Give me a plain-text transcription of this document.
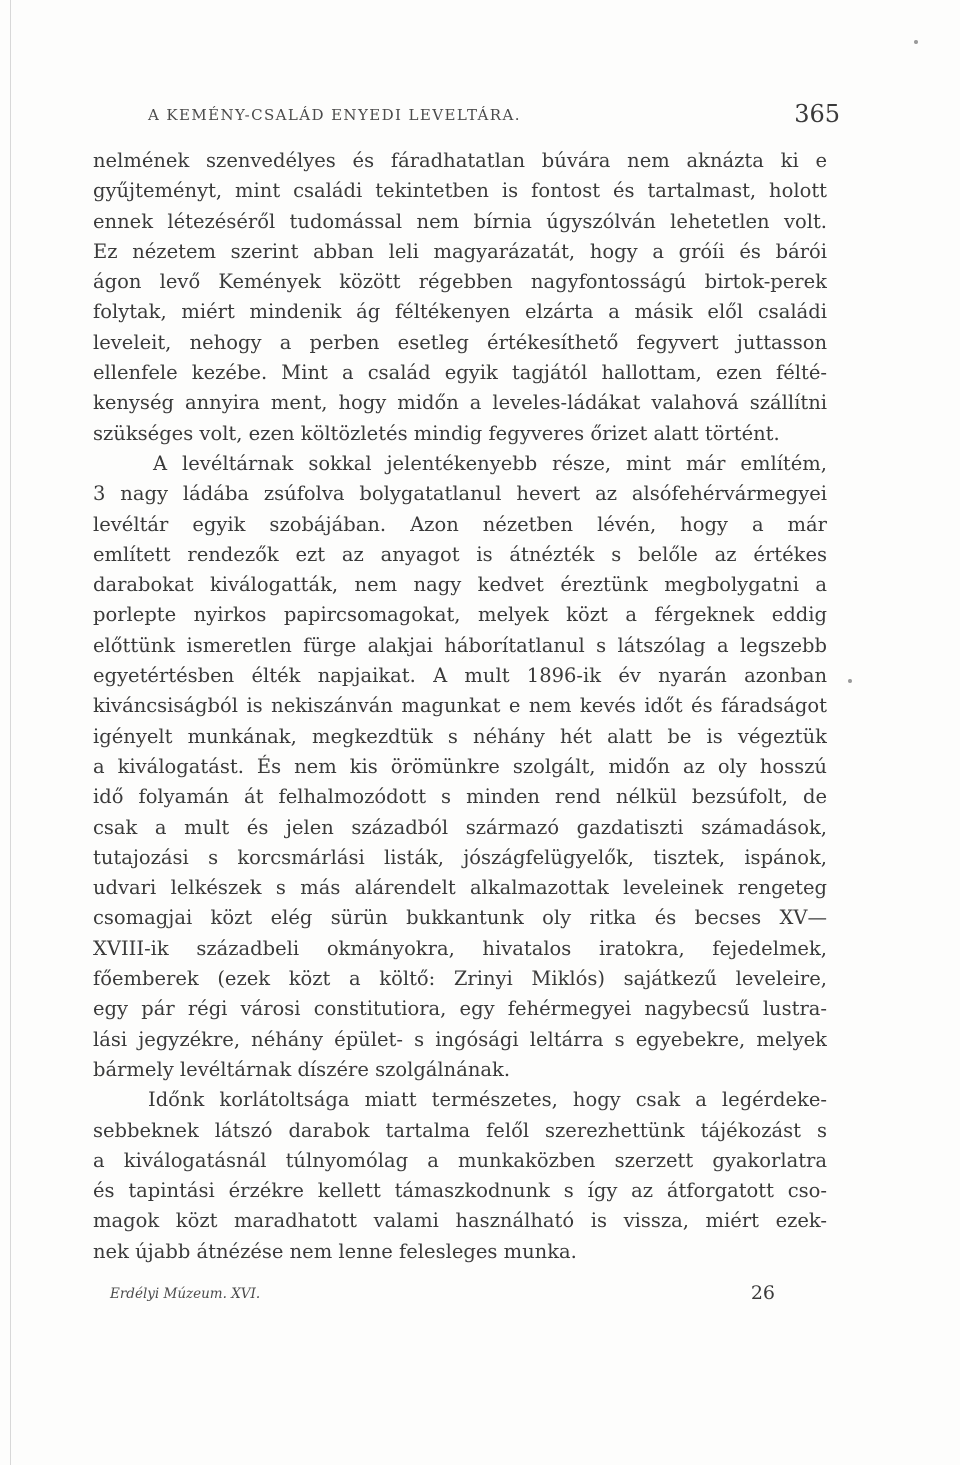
A KEMÉNY-CSALÁD ENYEDI LEVELTÁRA.	365
nelmének szenvedélyes és fáradhatatlan búvára nem aknázta ki e
gyűjteményt, mint családi tekintetben is fontost és tartalmast, holott
ennek létezéséről tudomással nem bírnia úgyszólván lehetetlen volt.
Ez nézetem szerint abban leli magyarázatát, hogy a gróíi és bárói
ágon levő Kemények között régebben nagyfontosságú birtok-perek
folytak, miért mindenik ág féltékenyen elzárta a másik elől családi
leveleit, nehogy a perben esetleg értékesíthető fegyvert juttasson
ellenfele kezébe. Mint a család egyik tagjától hallottam, ezen félté-
kenység annyira ment, hogy midőn a leveles-ládákat valahová szállítni
szükséges volt, ezen költözletés mindig fegyveres őrizet alatt történt.
A levéltárnak sokkal jelentékenyebb része, mint már említém,
3 nagy ládába zsúfolva bolygatatlanul hevert az alsófehérvármegyei
levéltár egyik szobájában. Azon nézetben lévén, hogy a már
említett rendezők ezt az anyagot is átnézték s belőle az értékes
darabokat kiválogatták, nem nagy kedvet éreztünk megbolygatni a
porlepte nyirkos papircsomagokat, melyek közt a férgeknek eddig
előttünk ismeretlen fürge alakjai háborítatlanul s látszólag a legszebb
egyetértésben élték napjaikat. A mult 1896-ik év nyarán azonban
kiváncsiságból is nekiszánván magunkat e nem kevés időt és fáradságot
igényelt munkának, megkezdtük s néhány hét alatt be is végeztük
a kiválogatást. És nem kis örömünkre szolgált, midőn az oly hosszú
idő folyamán át felhalmozódott s minden rend nélkül bezsúfolt, de
csak a mult és jelen századból származó gazdatiszti számadások,
tutajozási s korcsmárlási listák, jószágfelügyelők, tisztek, ispánok,
udvari lelkészek s más alárendelt alkalmazottak leveleinek rengeteg
csomagjai közt elég sürün bukkantunk oly ritka és becses XV—
XVIII-ik századbeli okmányokra, hivatalos iratokra, fejedelmek,
főemberek (ezek közt a költő: Zrinyi Miklós) sajátkezű leveleire,
egy pár régi városi constitutiora, egy fehérmegyei nagybecsű lustra-
lási jegyzékre, néhány épület- s ingósági leltárra s egyebekre, melyek
bármely levéltárnak díszére szolgálnának.
Időnk korlátoltsága miatt természetes, hogy csak a legérdeke-
sebbeknek látszó darabok tartalma felől szerezhettünk tájékozást s
a kiválogatásnál túlnyomólag a munkaközben szerzett gyakorlatra
és tapintási érzékre kellett támaszkodnunk s így az átforgatott cso-
magok közt maradhatott valami használható is vissza, miért ezek-
nek újabb átnézése nem lenne felesleges munka.
Erdélyi Múzeum. XVI.	26
